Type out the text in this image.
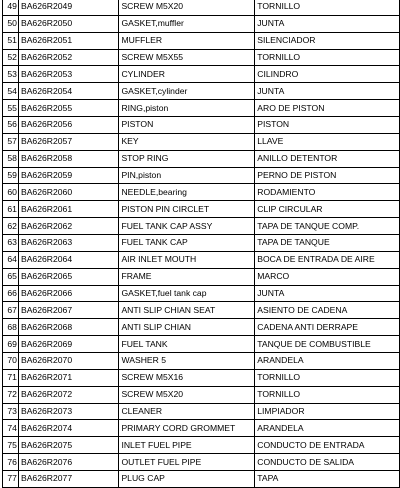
49	BA626R2049	SCREW M5X20	TORNILLO
50	BA626R2050	GASKET,muffler	JUNTA
51	BA626R2051	MUFFLER	SILENCIADOR
52	BA626R2052	SCREW M5X55	TORNILLO
53	BA626R2053	CYLINDER	CILINDRO
54	BA626R2054	GASKET,cylinder	JUNTA
55	BA626R2055	RING,piston	ARO DE PISTON
56	BA626R2056	PISTON	PISTON
57	BA626R2057	KEY	LLAVE
58	BA626R2058	STOP RING	ANILLO DETENTOR
59	BA626R2059	PIN,piston	PERNO DE PISTON
60	BA626R2060	NEEDLE,bearing	RODAMIENTO
61	BA626R2061	PISTON PIN CIRCLET	CLIP CIRCULAR
62	BA626R2062	FUEL TANK CAP ASSY	TAPA DE TANQUE COMP.
63	BA626R2063	FUEL TANK CAP	TAPA DE TANQUE
64	BA626R2064	AIR INLET MOUTH	BOCA DE ENTRADA DE AIRE
65	BA626R2065	FRAME	MARCO
66	BA626R2066	GASKET,fuel tank cap	JUNTA
67	BA626R2067	ANTI SLIP CHIAN SEAT	ASIENTO DE CADENA
68	BA626R2068	ANTI SLIP CHIAN	CADENA ANTI DERRAPE
69	BA626R2069	FUEL TANK	TANQUE DE COMBUSTIBLE
70	BA626R2070	WASHER 5	ARANDELA
71	BA626R2071	SCREW M5X16	TORNILLO
72	BA626R2072	SCREW M5X20	TORNILLO
73	BA626R2073	CLEANER	LIMPIADOR
74	BA626R2074	PRIMARY CORD GROMMET	ARANDELA
75	BA626R2075	INLET FUEL PIPE	CONDUCTO DE ENTRADA
76	BA626R2076	OUTLET FUEL PIPE	CONDUCTO DE SALIDA
77	BA626R2077	PLUG CAP	TAPA
